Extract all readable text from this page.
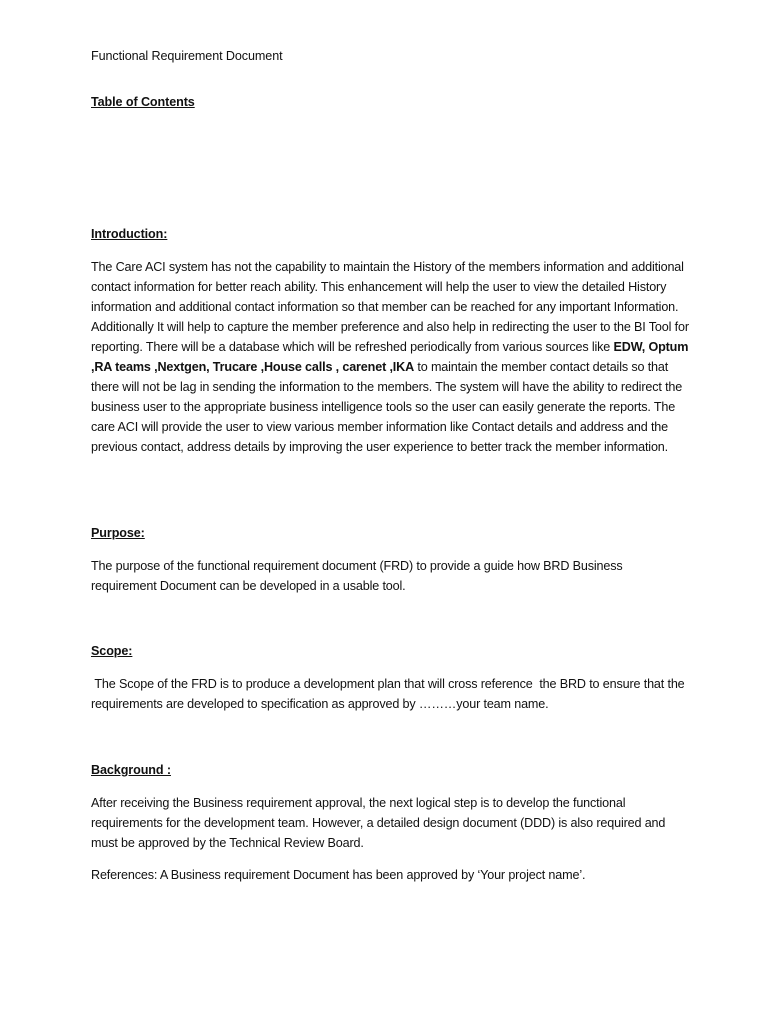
Functional Requirement Document

Table of Contents

Introduction:

The Care ACI system has not the capability to maintain the History of the members information and additional contact information for better reach ability. This enhancement will help the user to view the detailed History information and additional contact information so that member can be reached for any important Information. Additionally It will help to capture the member preference and also help in redirecting the user to the BI Tool for reporting. There will be a database which will be refreshed periodically from various sources like EDW, Optum ,RA teams ,Nextgen, Trucare ,House calls , carenet ,IKA to maintain the member contact details so that there will not be lag in sending the information to the members. The system will have the ability to redirect the business user to the appropriate business intelligence tools so the user can easily generate the reports. The care ACI will provide the user to view various member information like Contact details and address and the previous contact, address details by improving the user experience to better track the member information.

Purpose:

The purpose of the functional requirement document (FRD) to provide a guide how BRD Business requirement Document can be developed in a usable tool.

Scope:

The Scope of the FRD is to produce a development plan that will cross reference  the BRD to ensure that the requirements are developed to specification as approved by ………your team name.

Background :

After receiving the Business requirement approval, the next logical step is to develop the functional requirements for the development team. However, a detailed design document (DDD) is also required and must be approved by the Technical Review Board.

References: A Business requirement Document has been approved by ‘Your project name’.
